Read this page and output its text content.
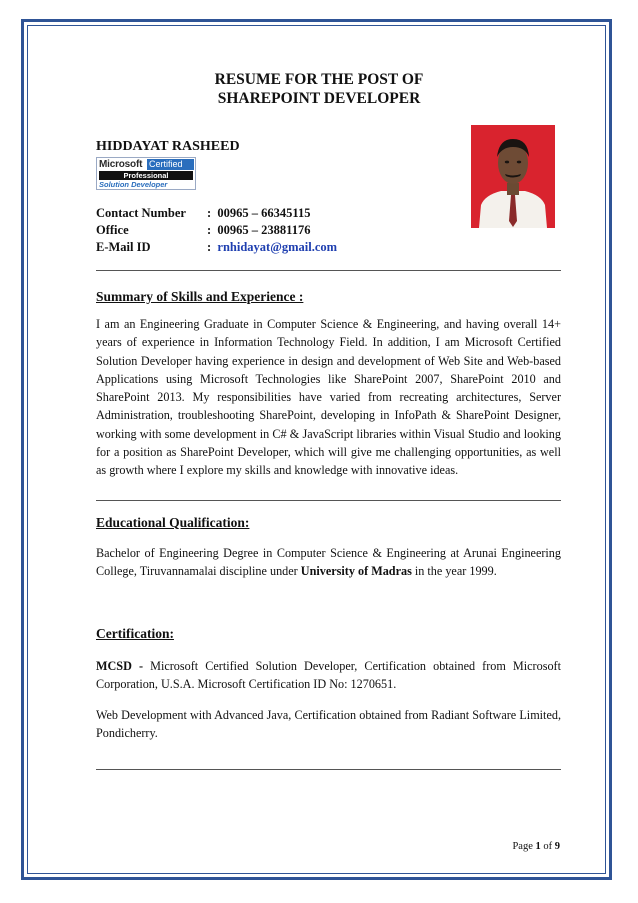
RESUME FOR THE POST OF
SHAREPOINT DEVELOPER
HIDDAYAT RASHEED
Microsoft Certified
Professional
Solution Developer
Contact Number : 00965 – 66345115
Office	: 00965 – 23881176
E-Mail ID	: rnhidayat@gmail.com
Summary of Skills and Experience :
I am an Engineering Graduate in Computer Science & Engineering, and having overall 14+ years of experience in Information Technology Field. In addition, I am Microsoft Certified Solution Developer having experience in design and development of Web Site and Web-based Applications using Microsoft Technologies like SharePoint 2007, SharePoint 2010 and SharePoint 2013. My responsibilities have varied from recreating architectures, Server Administration, troubleshooting SharePoint, developing in InfoPath & SharePoint Designer, working with some development in C# & JavaScript libraries within Visual Studio and looking for a position as SharePoint Developer, which will give me challenging opportunities, as well as growth where I explore my skills and knowledge with innovative ideas.
Educational Qualification:
Bachelor of Engineering Degree in Computer Science & Engineering at Arunai Engineering College, Tiruvannamalai discipline under University of Madras in the year 1999.
Certification:
MCSD - Microsoft Certified Solution Developer, Certification obtained from Microsoft Corporation, U.S.A. Microsoft Certification ID No: 1270651.
Web Development with Advanced Java, Certification obtained from Radiant Software Limited, Pondicherry.
Page 1 of 9
